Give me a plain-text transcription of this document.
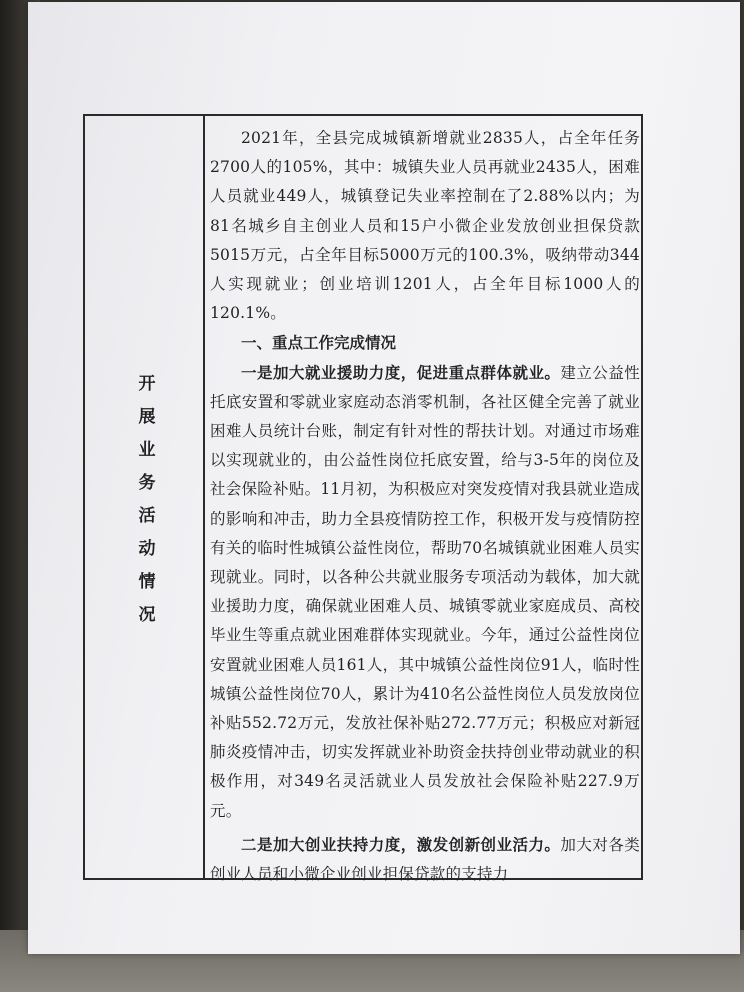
开
展
业
务
活
动
情
况

2021年，全县完成城镇新增就业2835人，占全年任务2700人的105%，其中：城镇失业人员再就业2435人，困难人员就业449人，城镇登记失业率控制在了2.88%以内；为81名城乡自主创业人员和15户小微企业发放创业担保贷款5015万元，占全年目标5000万元的100.3%，吸纳带动344人实现就业；创业培训1201人，占全年目标1000人的120.1%。

一、重点工作完成情况

一是加大就业援助力度，促进重点群体就业。建立公益性托底安置和零就业家庭动态消零机制，各社区健全完善了就业困难人员统计台账，制定有针对性的帮扶计划。对通过市场难以实现就业的，由公益性岗位托底安置，给与3-5年的岗位及社会保险补贴。11月初，为积极应对突发疫情对我县就业造成的影响和冲击，助力全县疫情防控工作，积极开发与疫情防控有关的临时性城镇公益性岗位，帮助70名城镇就业困难人员实现就业。同时，以各种公共就业服务专项活动为载体，加大就业援助力度，确保就业困难人员、城镇零就业家庭成员、高校毕业生等重点就业困难群体实现就业。今年，通过公益性岗位安置就业困难人员161人，其中城镇公益性岗位91人，临时性城镇公益性岗位70人，累计为410名公益性岗位人员发放岗位补贴552.72万元，发放社保补贴272.77万元；积极应对新冠肺炎疫情冲击，切实发挥就业补助资金扶持创业带动就业的积极作用，对349名灵活就业人员发放社会保险补贴227.9万元。

二是加大创业扶持力度，激发创新创业活力。加大对各类创业人员和小微企业创业担保贷款的支持力
